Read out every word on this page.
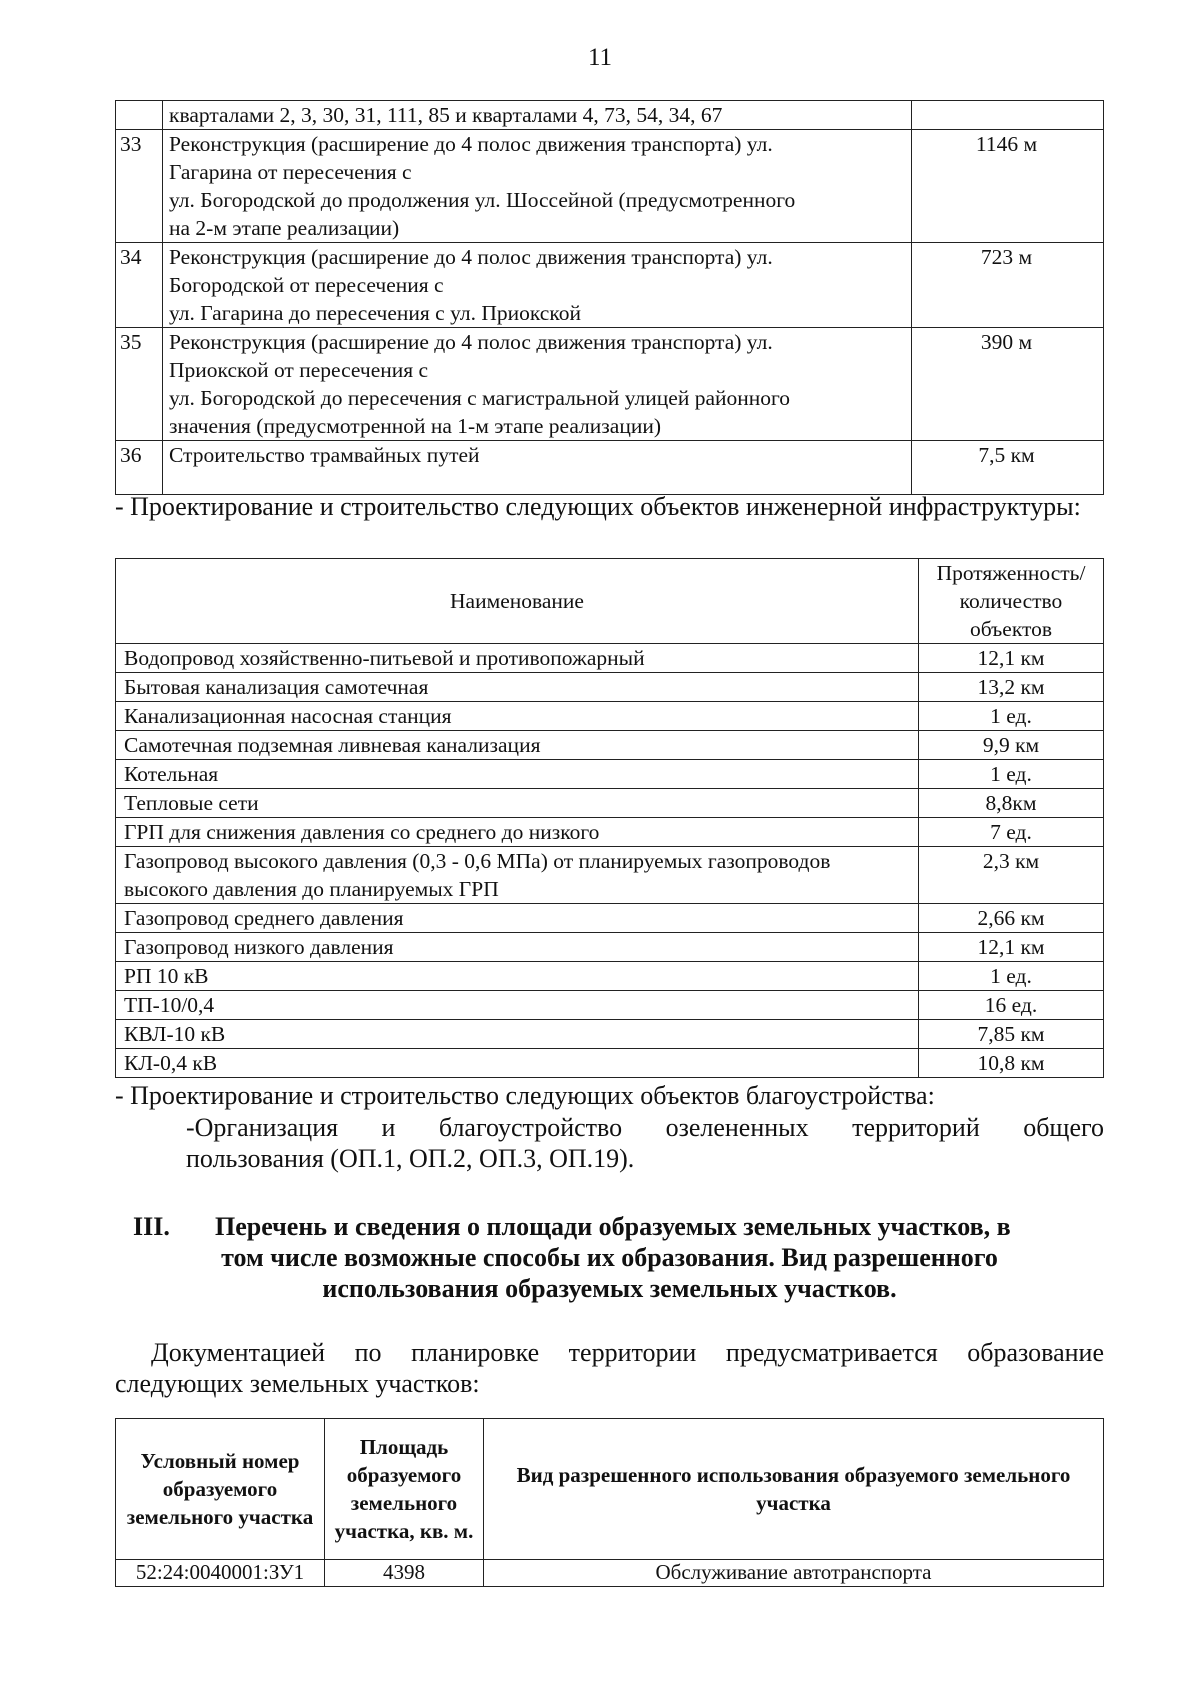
11
	кварталами 2, 3, 30, 31, 111, 85 и кварталами 4, 73, 54, 34, 67	
33	Реконструкция (расширение до 4 полос движения транспорта) ул.
Гагарина от пересечения с
ул. Богородской до продолжения ул. Шоссейной (предусмотренного
на 2-м этапе реализации)	1146 м
34	Реконструкция (расширение до 4 полос движения транспорта) ул.
Богородской от пересечения с
ул. Гагарина до пересечения с ул. Приокской	723 м
35	Реконструкция (расширение до 4 полос движения транспорта) ул.
Приокской от пересечения с
ул. Богородской до пересечения с магистральной улицей районного
значения (предусмотренной на 1-м этапе реализации)	390 м
36	Строительство трамвайных путей	7,5 км
- Проектирование и строительство следующих объектов инженерной инфраструктуры:
Наименование	Протяженность/ количество объектов
Водопровод хозяйственно-питьевой и противопожарный	12,1 км
Бытовая канализация самотечная	13,2 км
Канализационная насосная станция	1 ед.
Самотечная подземная ливневая канализация	9,9 км
Котельная	1 ед.
Тепловые сети	8,8км
ГРП для снижения давления со среднего до низкого	7 ед.
Газопровод высокого давления (0,3 - 0,6 МПа) от планируемых газопроводов высокого давления до планируемых ГРП	2,3 км
Газопровод среднего давления	2,66 км
Газопровод низкого давления	12,1 км
РП 10 кВ	1 ед.
ТП-10/0,4	16 ед.
КВЛ-10 кВ	7,85 км
КЛ-0,4 кВ	10,8 км
- Проектирование и строительство следующих объектов благоустройства:
-Организация и благоустройство озелененных территорий общего
пользования (ОП.1, ОП.2, ОП.3, ОП.19).
III.	Перечень и сведения о площади образуемых земельных участков, в
том числе возможные способы их образования. Вид разрешенного
использования образуемых земельных участков.
Документацией по планировке территории предусматривается образование
следующих земельных участков:
Условный номер образуемого земельного участка	Площадь образуемого земельного участка, кв. м.	Вид разрешенного использования образуемого земельного участка
52:24:0040001:ЗУ1	4398	Обслуживание автотранспорта
